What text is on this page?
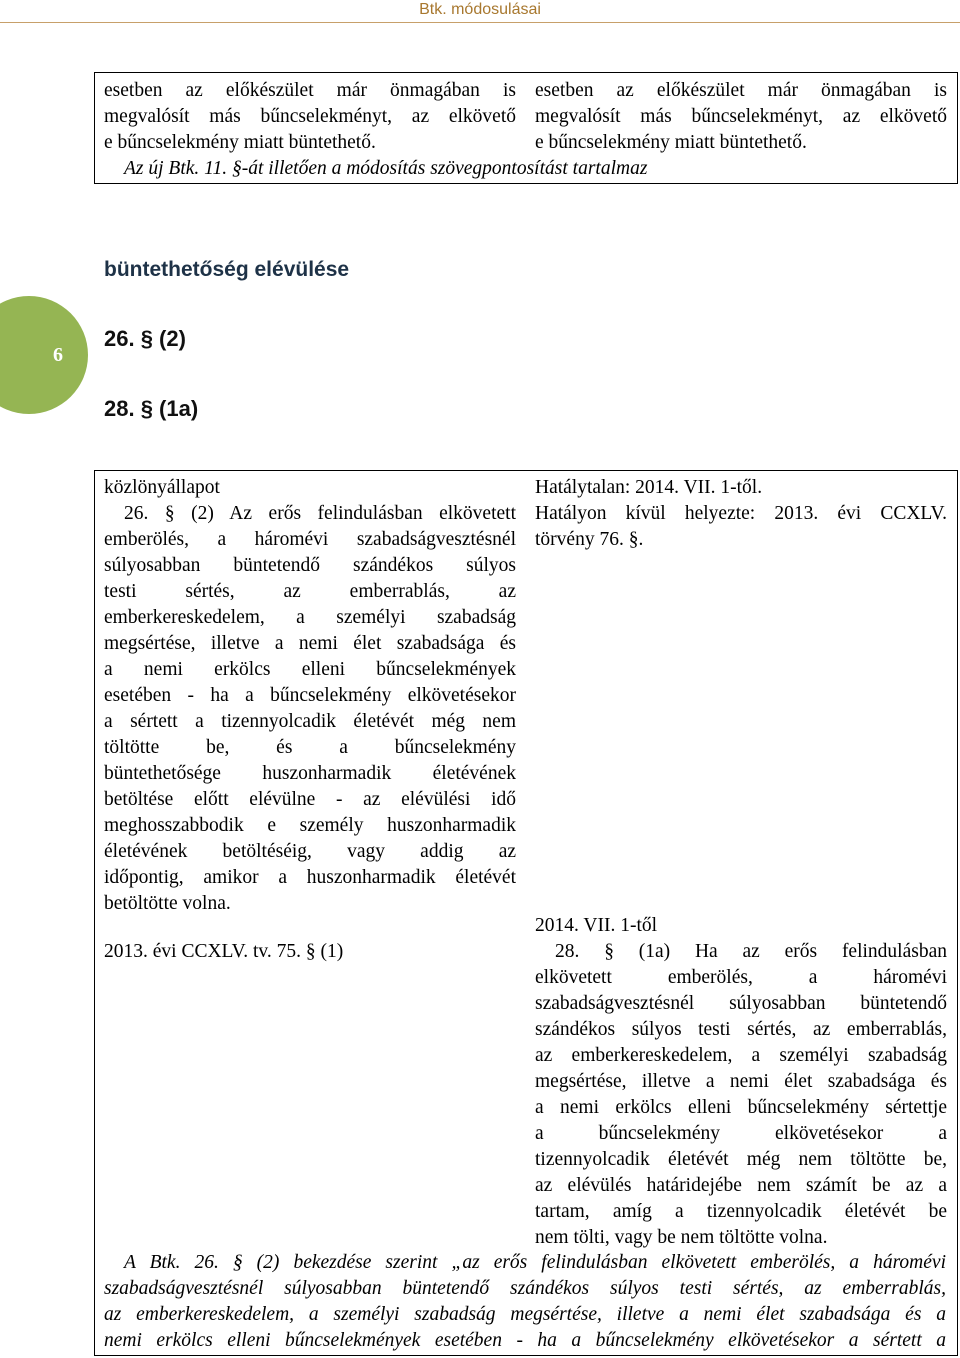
Btk. módosulásai
esetben az előkészület már önmagában is
megvalósít más bűncselekményt, az elkövető
e bűncselekmény miatt büntethető.
esetben az előkészület már önmagában is
megvalósít más bűncselekményt, az elkövető
e bűncselekmény miatt büntethető.
Az új Btk. 11. §-át illetően a módosítás szövegpontosítást tartalmaz
büntethetőség elévülése
6
26. § (2)
28. § (1a)
közlönyállapot
26. § (2) Az erős felindulásban elkövetett
emberölés, a háromévi szabadságvesztésnél
súlyosabban büntetendő szándékos súlyos
testi sértés, az emberrablás, az
emberkereskedelem, a személyi szabadság
megsértése, illetve a nemi élet szabadsága és
a nemi erkölcs elleni bűncselekmények
esetében - ha a bűncselekmény elkövetésekor
a sértett a tizennyolcadik életévét még nem
töltötte be, és a bűncselekmény
büntethetősége huszonharmadik életévének
betöltése előtt elévülne - az elévülési idő
meghosszabbodik e személy huszonharmadik
életévének betöltéséig, vagy addig az
időpontig, amikor a huszonharmadik életévét
betöltötte volna.
Hatálytalan: 2014. VII. 1-től.
Hatályon kívül helyezte: 2013. évi CCXLV.
törvény 76. §.
2014. VII. 1-től
2013. évi CCXLV. tv. 75. § (1)	28. § (1a) Ha az erős felindulásban
elkövetett emberölés, a háromévi
szabadságvesztésnél súlyosabban büntetendő
szándékos súlyos testi sértés, az emberrablás,
az emberkereskedelem, a személyi szabadság
megsértése, illetve a nemi élet szabadsága és
a nemi erkölcs elleni bűncselekmény sértettje
a bűncselekmény elkövetésekor a
tizennyolcadik életévét még nem töltötte be,
az elévülés határidejébe nem számít be az a
tartam, amíg a tizennyolcadik életévét be
nem tölti, vagy be nem töltötte volna.
A Btk. 26. § (2) bekezdése szerint „az erős felindulásban elkövetett emberölés, a háromévi
szabadságvesztésnél súlyosabban büntetendő szándékos súlyos testi sértés, az emberrablás,
az emberkereskedelem, a személyi szabadság megsértése, illetve a nemi élet szabadsága és a
nemi erkölcs elleni bűncselekmények esetében - ha a bűncselekmény elkövetésekor a sértett a
